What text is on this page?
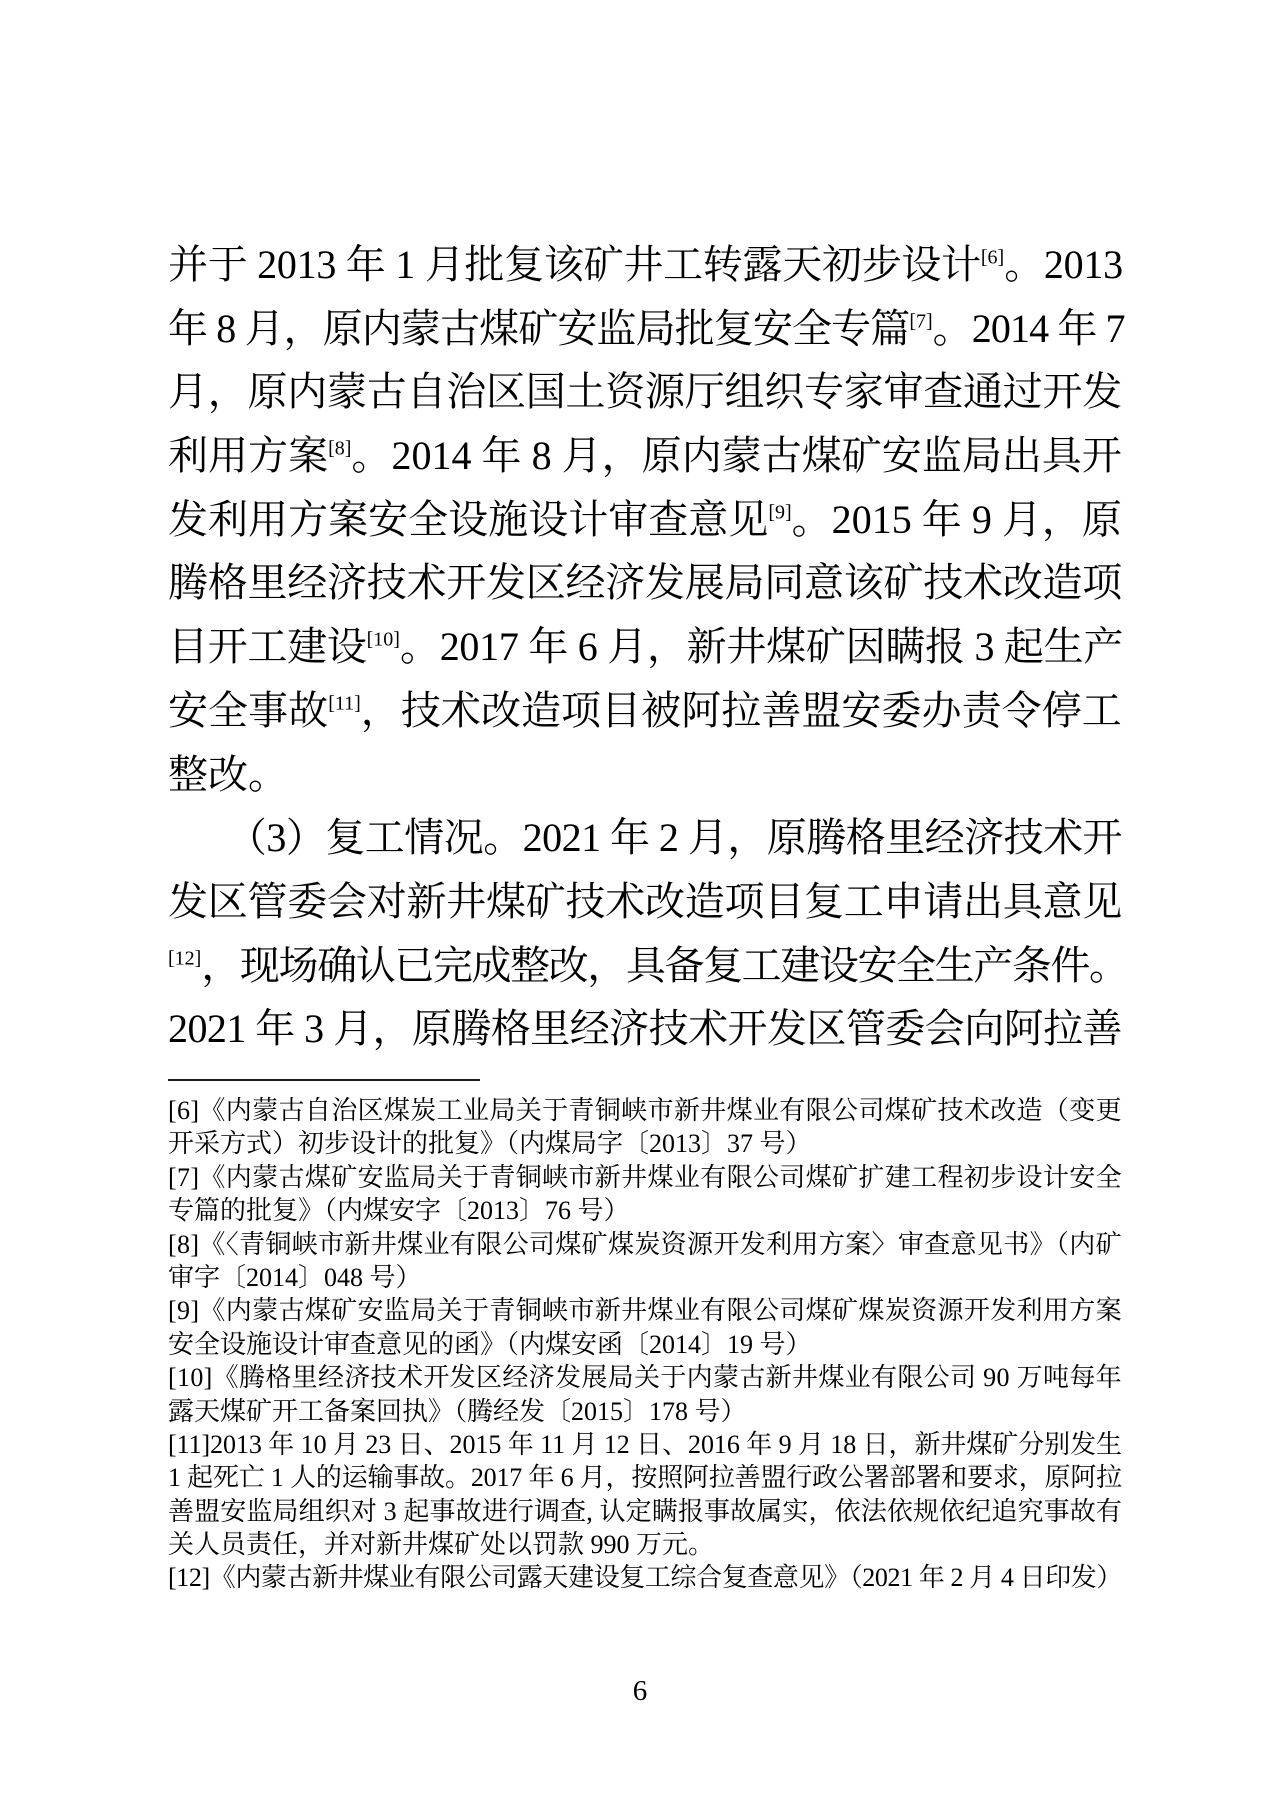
并于 2013 年 1 月批复该矿井工转露天初步设计[6]。2013
年 8 月，原内蒙古煤矿安监局批复安全专篇[7]。2014 年 7
月，原内蒙古自治区国土资源厅组织专家审查通过开发
利用方案[8]。2014 年 8 月，原内蒙古煤矿安监局出具开
发利用方案安全设施设计审查意见[9]。2015 年 9 月，原
腾格里经济技术开发区经济发展局同意该矿技术改造项
目开工建设[10]。2017 年 6 月，新井煤矿因瞒报 3 起生产
安全事故[11]，技术改造项目被阿拉善盟安委办责令停工
整改。
　　（3）复工情况。2021 年 2 月，原腾格里经济技术开
发区管委会对新井煤矿技术改造项目复工申请出具意见
[12]，现场确认已完成整改，具备复工建设安全生产条件。
2021 年 3 月，原腾格里经济技术开发区管委会向阿拉善
[6]《内蒙古自治区煤炭工业局关于青铜峡市新井煤业有限公司煤矿技术改造（变更
开采方式）初步设计的批复》（内煤局字〔2013〕37 号）
[7]《内蒙古煤矿安监局关于青铜峡市新井煤业有限公司煤矿扩建工程初步设计安全
专篇的批复》（内煤安字〔2013〕76 号）
[8]《〈青铜峡市新井煤业有限公司煤矿煤炭资源开发利用方案〉审查意见书》（内矿
审字〔2014〕048 号）
[9]《内蒙古煤矿安监局关于青铜峡市新井煤业有限公司煤矿煤炭资源开发利用方案
安全设施设计审查意见的函》（内煤安函〔2014〕19 号）
[10]《腾格里经济技术开发区经济发展局关于内蒙古新井煤业有限公司 90 万吨每年
露天煤矿开工备案回执》（腾经发〔2015〕178 号）
[11]2013 年 10 月 23 日、2015 年 11 月 12 日、2016 年 9 月 18 日，新井煤矿分别发生
1 起死亡 1 人的运输事故。2017 年 6 月，按照阿拉善盟行政公署部署和要求，原阿拉
善盟安监局组织对 3 起事故进行调查, 认定瞒报事故属实，依法依规依纪追究事故有
关人员责任，并对新井煤矿处以罚款 990 万元。
[12]《内蒙古新井煤业有限公司露天建设复工综合复查意见》（2021 年 2 月 4 日印发）
6
